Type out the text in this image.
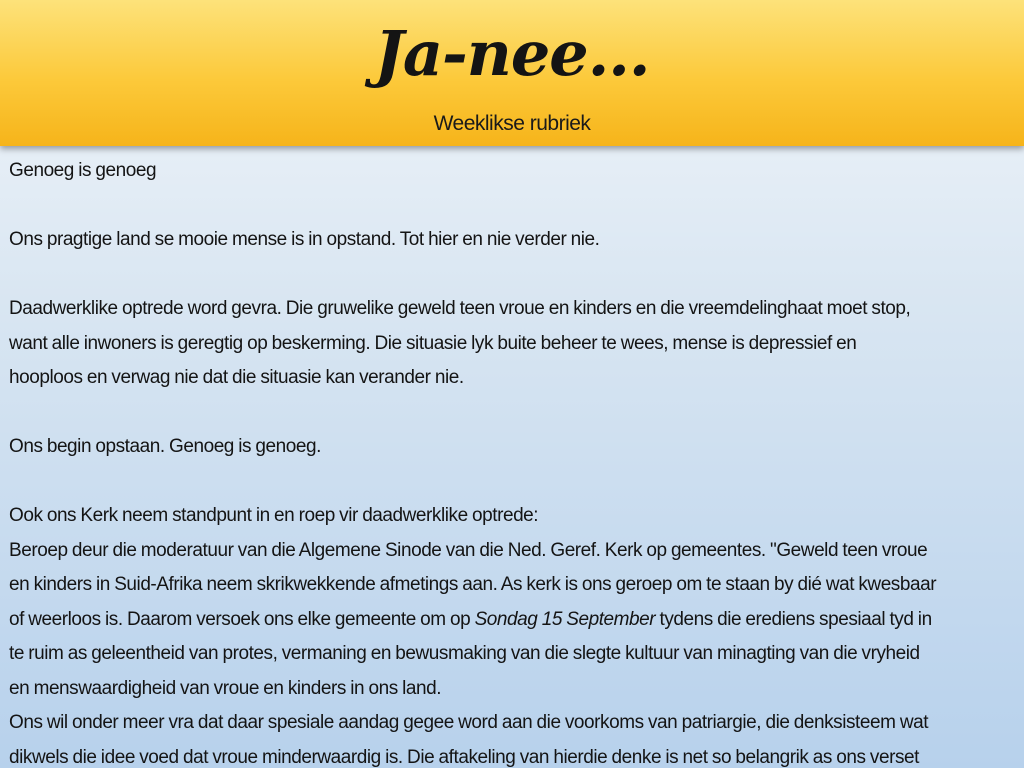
Ja-nee...
Weeklikse rubriek
Genoeg is genoeg
Ons pragtige land se mooie mense is in opstand. Tot hier en nie verder nie.
Daadwerklike optrede word gevra. Die gruwelike geweld teen vroue en kinders en die vreemdelinghaat moet stop,
want alle inwoners is geregtig op beskerming. Die situasie lyk buite beheer te wees, mense is depressief en
hooploos en verwag nie dat die situasie kan verander nie.
Ons begin opstaan. Genoeg is genoeg.
Ook ons Kerk neem standpunt in en roep vir daadwerklike optrede:
Beroep deur die moderatuur van die Algemene Sinode van die Ned. Geref. Kerk op gemeentes. "Geweld teen vroue
en kinders in Suid-Afrika neem skrikwekkende afmetings aan. As kerk is ons geroep om te staan by dié wat kwesbaar
of weerloos is. Daarom versoek ons elke gemeente om op Sondag 15 September tydens die erediens spesiaal tyd in
te ruim as geleentheid van protes, vermaning en bewusmaking van die slegte kultuur van minagting van die vryheid
en menswaardigheid van vroue en kinders in ons land.
Ons wil onder meer vra dat daar spesiale aandag gegee word aan die voorkoms van patriargie, die denksisteem wat
dikwels die idee voed dat vroue minderwaardig is. Die aftakeling van hierdie denke is net so belangrik as ons verset
